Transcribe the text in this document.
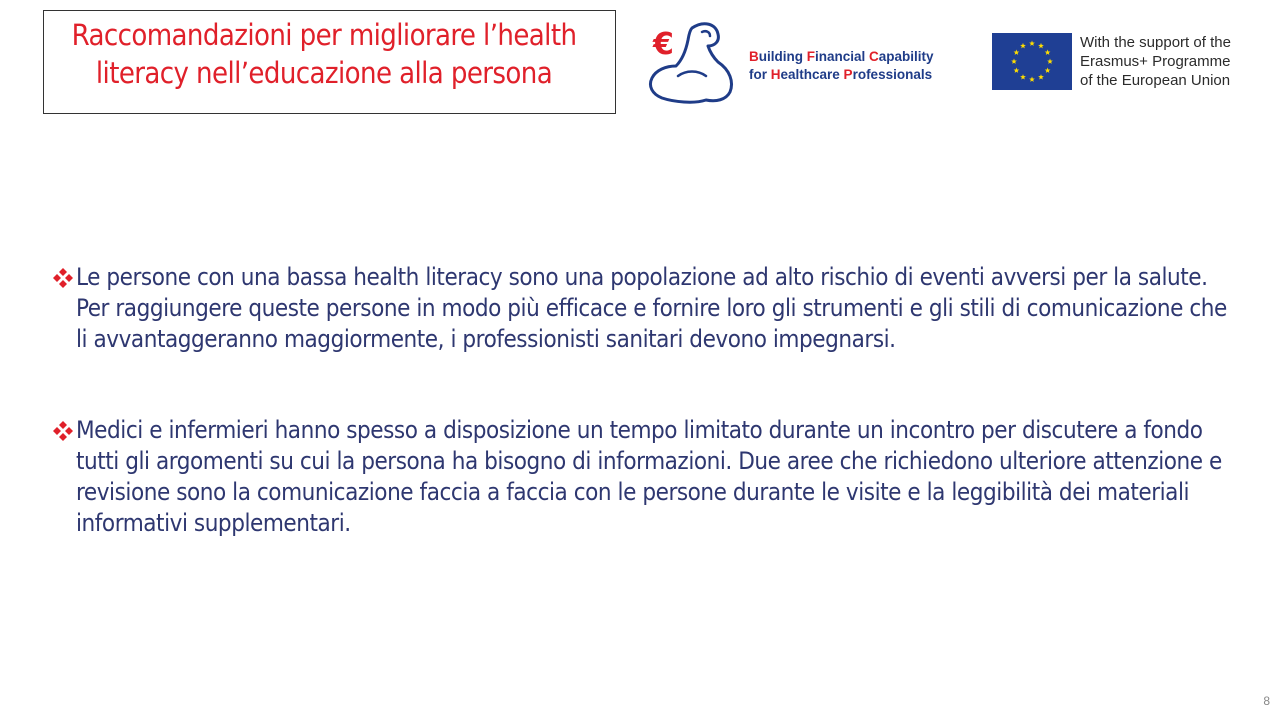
Raccomandazioni per migliorare l’health literacy nell’educazione alla persona
€	Building Financial Capability
for Healthcare Professionals
With the support of the
Erasmus+ Programme
of the European Union
Le persone con una bassa health literacy sono una popolazione ad alto rischio di eventi avversi per la salute. Per raggiungere queste persone in modo più efficace e fornire loro gli strumenti e gli stili di comunicazione che li avvantaggeranno maggiormente, i professionisti sanitari devono impegnarsi.
Medici e infermieri hanno spesso a disposizione un tempo limitato durante un incontro per discutere a fondo tutti gli argomenti su cui la persona ha bisogno di informazioni. Due aree che richiedono ulteriore attenzione e revisione sono la comunicazione faccia a faccia con le persone durante le visite e la leggibilità dei materiali informativi supplementari.
8
